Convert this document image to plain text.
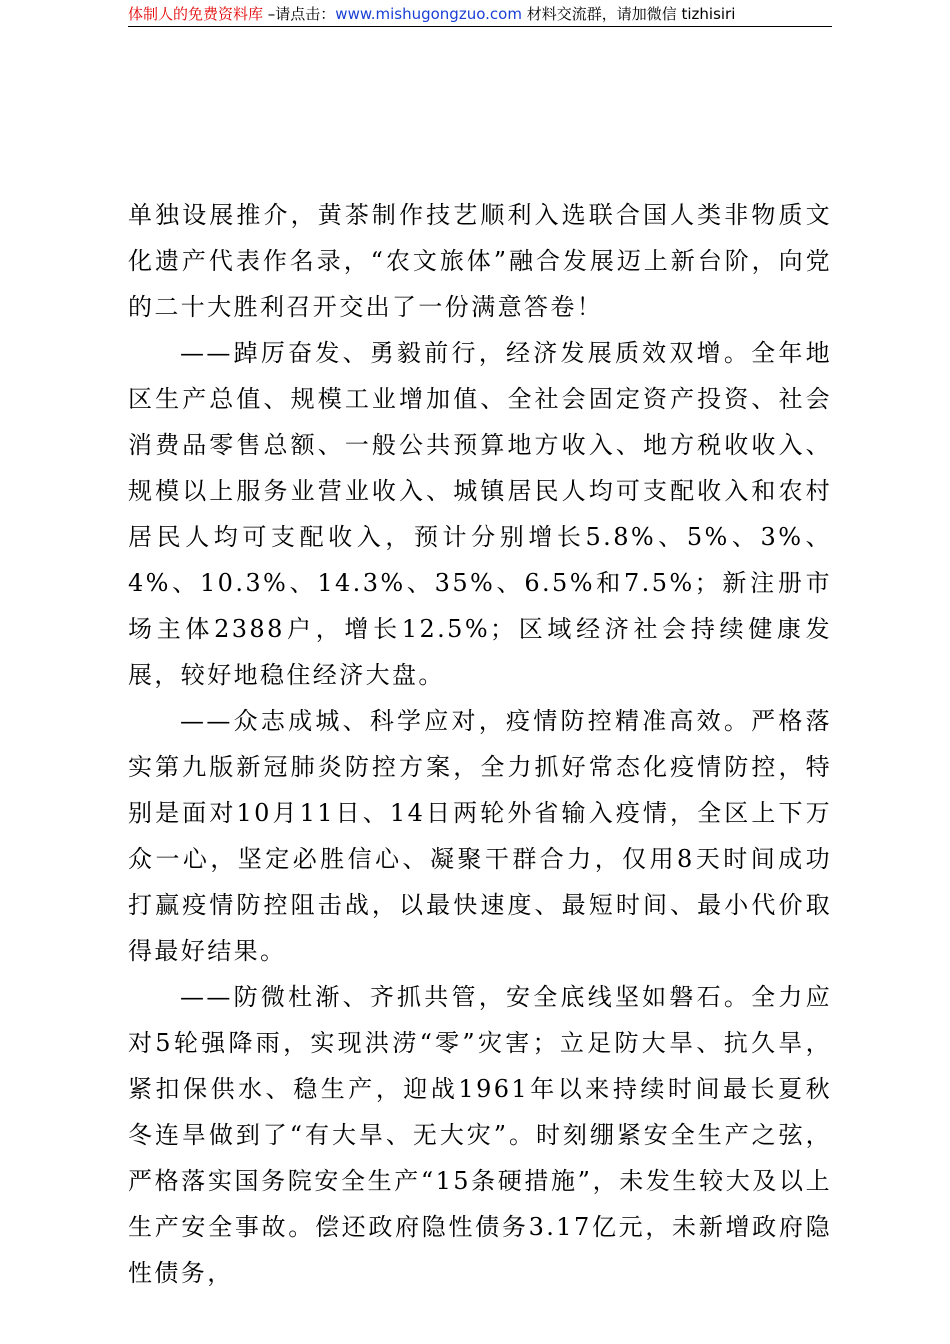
体制人的免费资料库 –请点击：www.mishugongzuo.com 材料交流群，请加微信 tizhisiri

单独设展推介，黄茶制作技艺顺利入选联合国人类非物质文化遗产代表作名录，“农文旅体”融合发展迈上新台阶，向党的二十大胜利召开交出了一份满意答卷！

——踔厉奋发、勇毅前行，经济发展质效双增。全年地区生产总值、规模工业增加值、全社会固定资产投资、社会消费品零售总额、一般公共预算地方收入、地方税收收入、规模以上服务业营业收入、城镇居民人均可支配收入和农村居民人均可支配收入，预计分别增长5.8%、5%、3%、4%、10.3%、14.3%、35%、6.5%和7.5%；新注册市场主体2388户，增长12.5%；区域经济社会持续健康发展，较好地稳住经济大盘。

——众志成城、科学应对，疫情防控精准高效。严格落实第九版新冠肺炎防控方案，全力抓好常态化疫情防控，特别是面对10月11日、14日两轮外省输入疫情，全区上下万众一心，坚定必胜信心、凝聚干群合力，仅用8天时间成功打赢疫情防控阻击战，以最快速度、最短时间、最小代价取得最好结果。

——防微杜渐、齐抓共管，安全底线坚如磐石。全力应对5轮强降雨，实现洪涝“零”灾害；立足防大旱、抗久旱，紧扣保供水、稳生产，迎战1961年以来持续时间最长夏秋冬连旱做到了“有大旱、无大灾”。时刻绷紧安全生产之弦，严格落实国务院安全生产“15条硬措施”，未发生较大及以上生产安全事故。偿还政府隐性债务3.17亿元，未新增政府隐性债务，
